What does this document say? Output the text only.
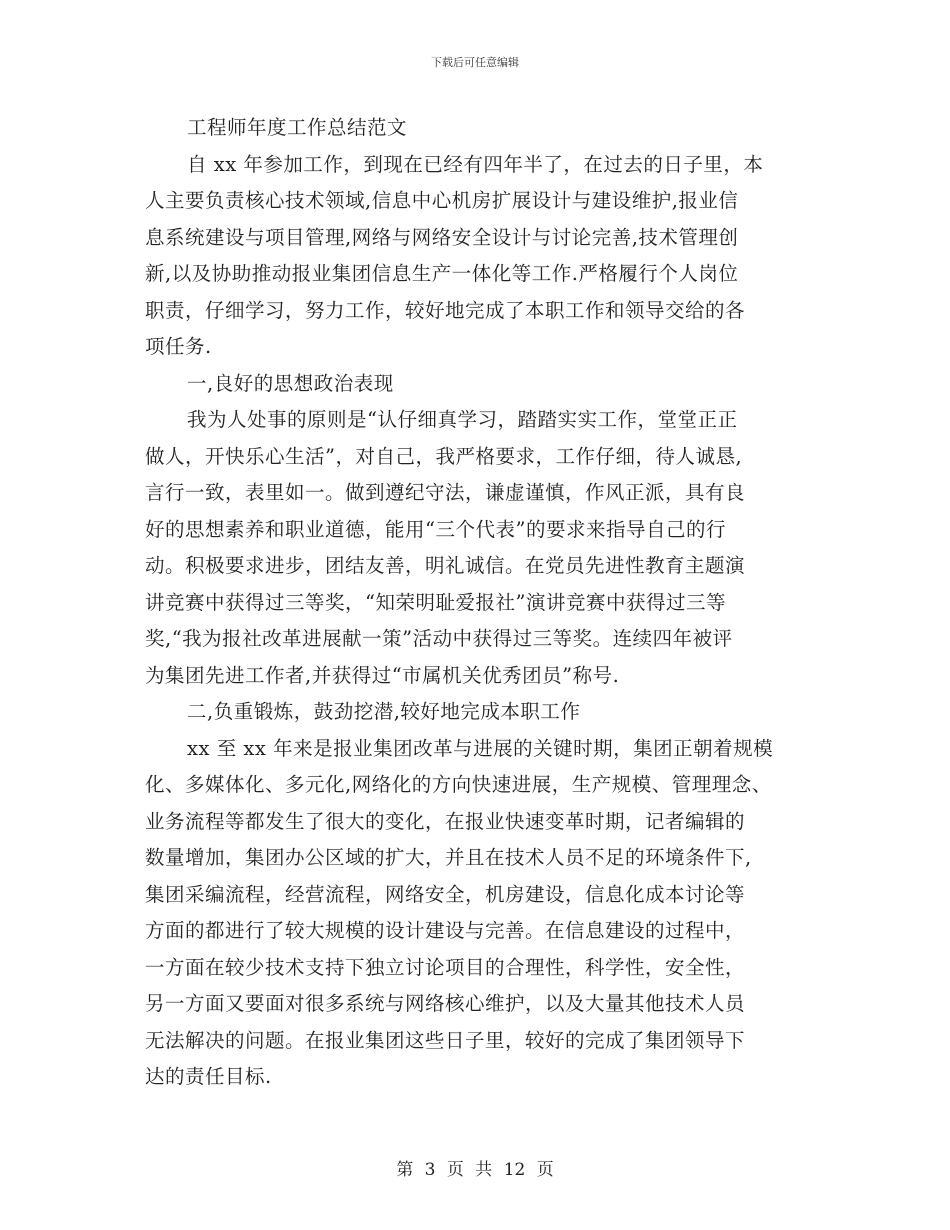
下载后可任意编辑
工程师年度工作总结范文
自 xx 年参加工作，到现在已经有四年半了，在过去的日子里，本
人主要负责核心技术领域,信息中心机房扩展设计与建设维护,报业信
息系统建设与项目管理,网络与网络安全设计与讨论完善,技术管理创
新,以及协助推动报业集团信息生产一体化等工作.严格履行个人岗位
职责，仔细学习，努力工作，较好地完成了本职工作和领导交给的各
项任务.
一,良好的思想政治表现
我为人处事的原则是“认仔细真学习，踏踏实实工作，堂堂正正
做人，开快乐心生活”，对自己，我严格要求，工作仔细，待人诚恳,
言行一致，表里如一。做到遵纪守法，谦虚谨慎，作风正派，具有良
好的思想素养和职业道德，能用“三个代表”的要求来指导自己的行
动。积极要求进步，团结友善，明礼诚信。在党员先进性教育主题演
讲竞赛中获得过三等奖，“知荣明耻爱报社”演讲竞赛中获得过三等
奖,“我为报社改革进展献一策”活动中获得过三等奖。连续四年被评
为集团先进工作者,并获得过“市属机关优秀团员”称号.
二,负重锻炼，鼓劲挖潜,较好地完成本职工作
xx 至 xx 年来是报业集团改革与进展的关键时期，集团正朝着规模
化、多媒体化、多元化,网络化的方向快速进展，生产规模、管理理念、
业务流程等都发生了很大的变化，在报业快速变革时期，记者编辑的
数量增加，集团办公区域的扩大，并且在技术人员不足的环境条件下,
集团采编流程，经营流程，网络安全，机房建设，信息化成本讨论等
方面的都进行了较大规模的设计建设与完善。在信息建设的过程中，
一方面在较少技术支持下独立讨论项目的合理性，科学性，安全性，
另一方面又要面对很多系统与网络核心维护，以及大量其他技术人员
无法解决的问题。在报业集团这些日子里，较好的完成了集团领导下
达的责任目标.
第 3 页 共 12 页
